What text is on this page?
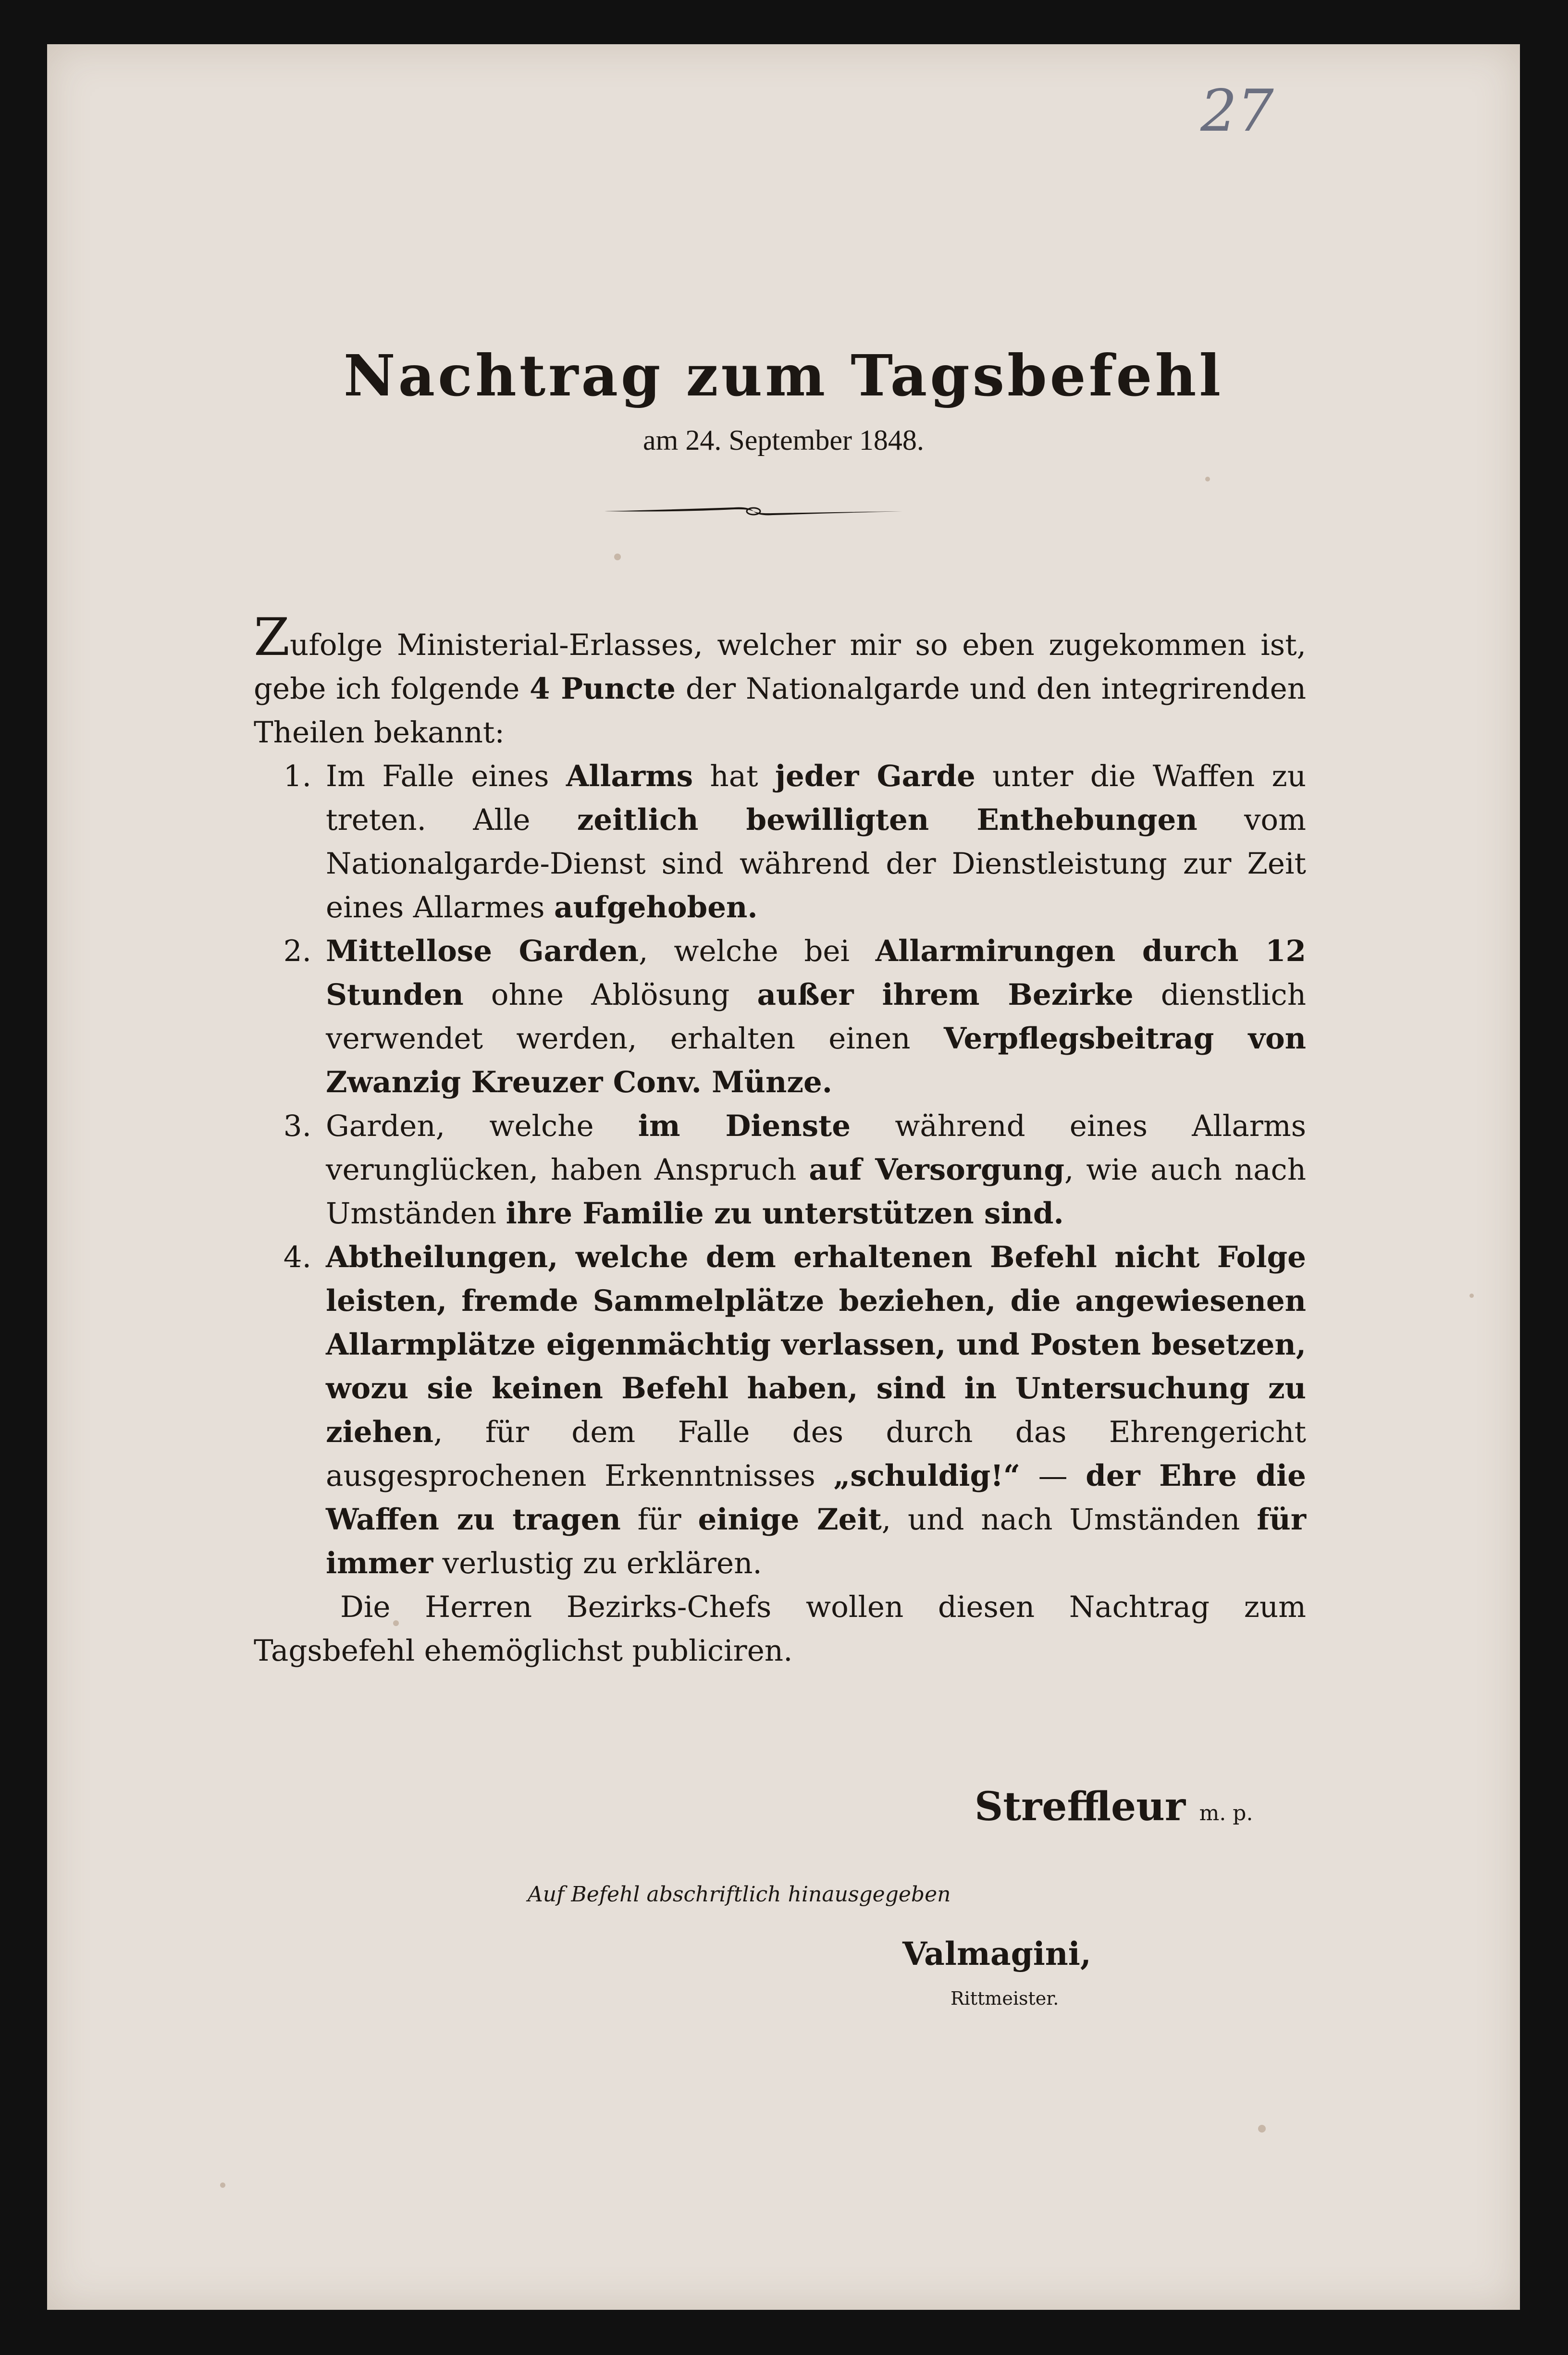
27
Nachtrag zum Tagsbefehl
am 24. September 1848.

Zufolge Ministerial-Erlasses, welcher mir so eben zugekommen ist, gebe ich folgende 4 Puncte der Nationalgarde und den integrirenden Theilen bekannt:

1. Im Falle eines Allarms hat jeder Garde unter die Waffen zu treten. Alle zeitlich bewilligten Enthebungen vom Nationalgarde-Dienst sind während der Dienstleistung zur Zeit eines Allarmes aufgehoben.
2. Mittellose Garden, welche bei Allarmirungen durch 12 Stunden ohne Ablösung außer ihrem Bezirke dienstlich verwendet werden, erhalten einen Verpflegsbeitrag von Zwanzig Kreuzer Conv. Münze.
3. Garden, welche im Dienste während eines Allarms verunglücken, haben Anspruch auf Versorgung, wie auch nach Umständen ihre Familie zu unterstützen sind.
4. Abtheilungen, welche dem erhaltenen Befehl nicht Folge leisten, fremde Sammelplätze beziehen, die angewiesenen Allarmplätze eigenmächtig verlassen, und Posten besetzen, wozu sie keinen Befehl haben, sind in Untersuchung zu ziehen, für dem Falle des durch das Ehrengericht ausgesprochenen Erkenntnisses „schuldig!“ — der Ehre die Waffen zu tragen für einige Zeit, und nach Umständen für immer verlustig zu erklären.

Die Herren Bezirks-Chefs wollen diesen Nachtrag zum Tagsbefehl ehemöglichst publiciren.

Streffleur m. p.
Auf Befehl abschriftlich hinausgegeben
Valmagini,
Rittmeister.
